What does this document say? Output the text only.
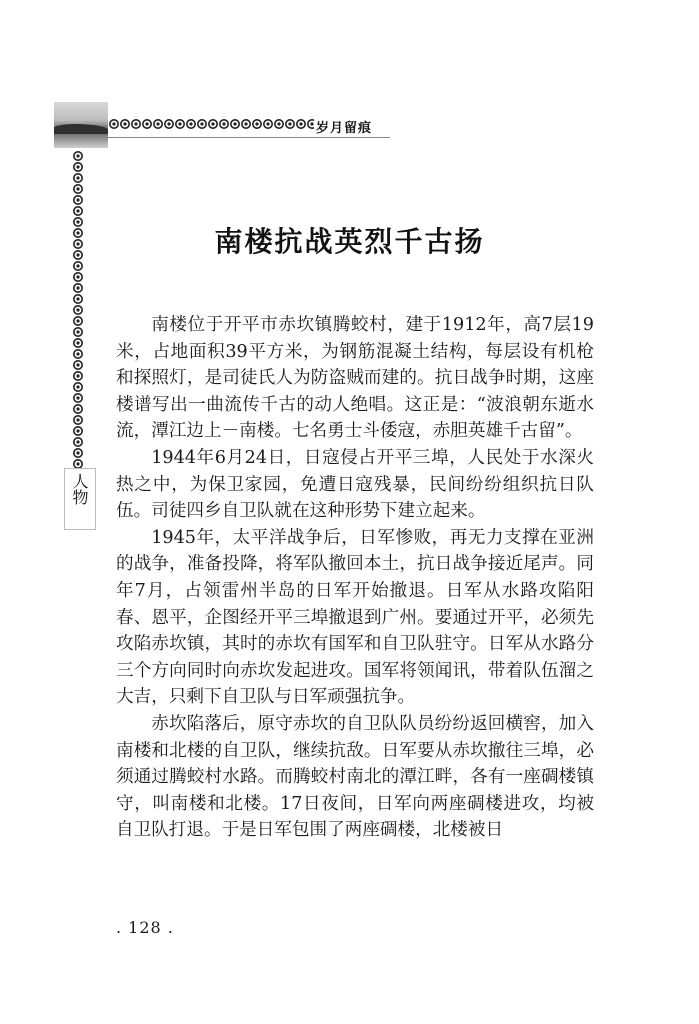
岁月留痕
人物
南楼抗战英烈千古扬

南楼位于开平市赤坎镇腾蛟村，建于1912年，高7层19米，占地面积39平方米，为钢筋混凝土结构，每层设有机枪和探照灯，是司徒氏人为防盗贼而建的。抗日战争时期，这座楼谱写出一曲流传千古的动人绝唱。这正是：“波浪朝东逝水流，潭江边上－南楼。七名勇士斗倭寇，赤胆英雄千古留”。

1944年6月24日，日寇侵占开平三埠，人民处于水深火热之中，为保卫家园，免遭日寇残暴，民间纷纷组织抗日队伍。司徒四乡自卫队就在这种形势下建立起来。

1945年，太平洋战争后，日军惨败，再无力支撑在亚洲的战争，准备投降，将军队撤回本土，抗日战争接近尾声。同年7月，占领雷州半岛的日军开始撤退。日军从水路攻陷阳春、恩平，企图经开平三埠撤退到广州。要通过开平，必须先攻陷赤坎镇，其时的赤坎有国军和自卫队驻守。日军从水路分三个方向同时向赤坎发起进攻。国军将领闻讯，带着队伍溜之大吉，只剩下自卫队与日军顽强抗争。

赤坎陷落后，原守赤坎的自卫队队员纷纷返回横窖，加入南楼和北楼的自卫队，继续抗敌。日军要从赤坎撤往三埠，必须通过腾蛟村水路。而腾蛟村南北的潭江畔，各有一座碉楼镇守，叫南楼和北楼。17日夜间，日军向两座碉楼进攻，均被自卫队打退。于是日军包围了两座碉楼，北楼被日

. 128 .
